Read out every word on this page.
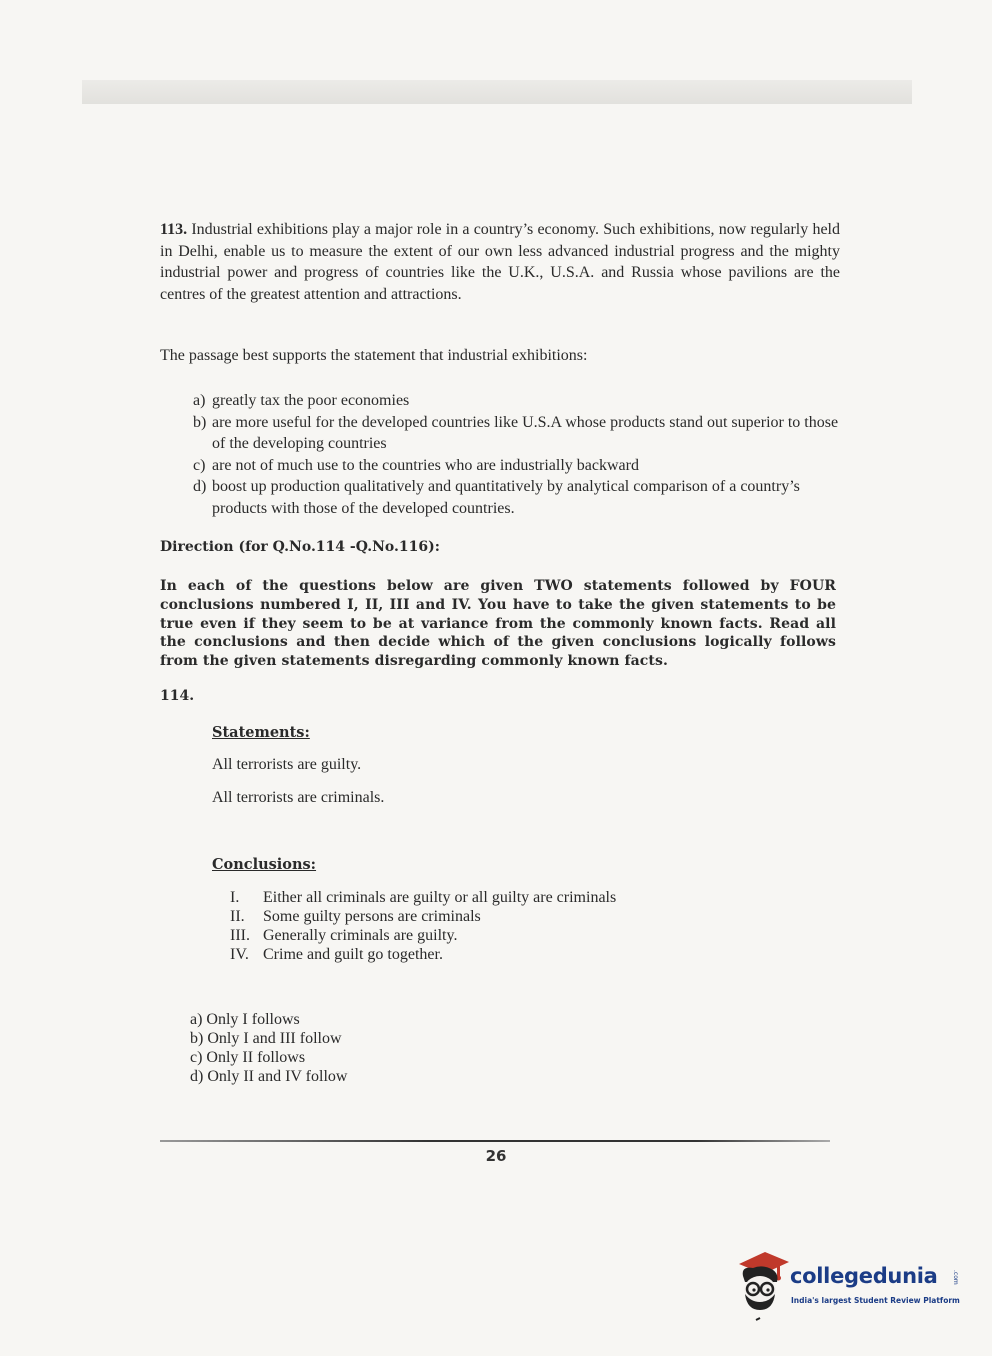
113. Industrial exhibitions play a major role in a country’s economy. Such exhibitions, now regularly held in Delhi, enable us to measure the extent of our own less advanced industrial progress and the mighty industrial power and progress of countries like the U.K., U.S.A. and Russia whose pavilions are the centres of the greatest attention and attractions.
The passage best supports the statement that industrial exhibitions:
a) greatly tax the poor economies
b) are more useful for the developed countries like U.S.A whose products stand out superior to those of the developing countries
c) are not of much use to the countries who are industrially backward
d) boost up production qualitatively and quantitatively by analytical comparison of a country’s products with those of the developed countries.
Direction (for Q.No.114 -Q.No.116):
In each of the questions below are given TWO statements followed by FOUR conclusions numbered I, II, III and IV. You have to take the given statements to be true even if they seem to be at variance from the commonly known facts. Read all the conclusions and then decide which of the given conclusions logically follows from the given statements disregarding commonly known facts.
114.
Statements:
All terrorists are guilty.
All terrorists are criminals.
Conclusions:
I.	Either all criminals are guilty or all guilty are criminals
II.	Some guilty persons are criminals
III. Generally criminals are guilty.
IV. Crime and guilt go together.
a) Only I follows
b) Only I and III follow
c) Only II follows
d) Only II and IV follow
26
collegedunia .com
India's largest Student Review Platform
